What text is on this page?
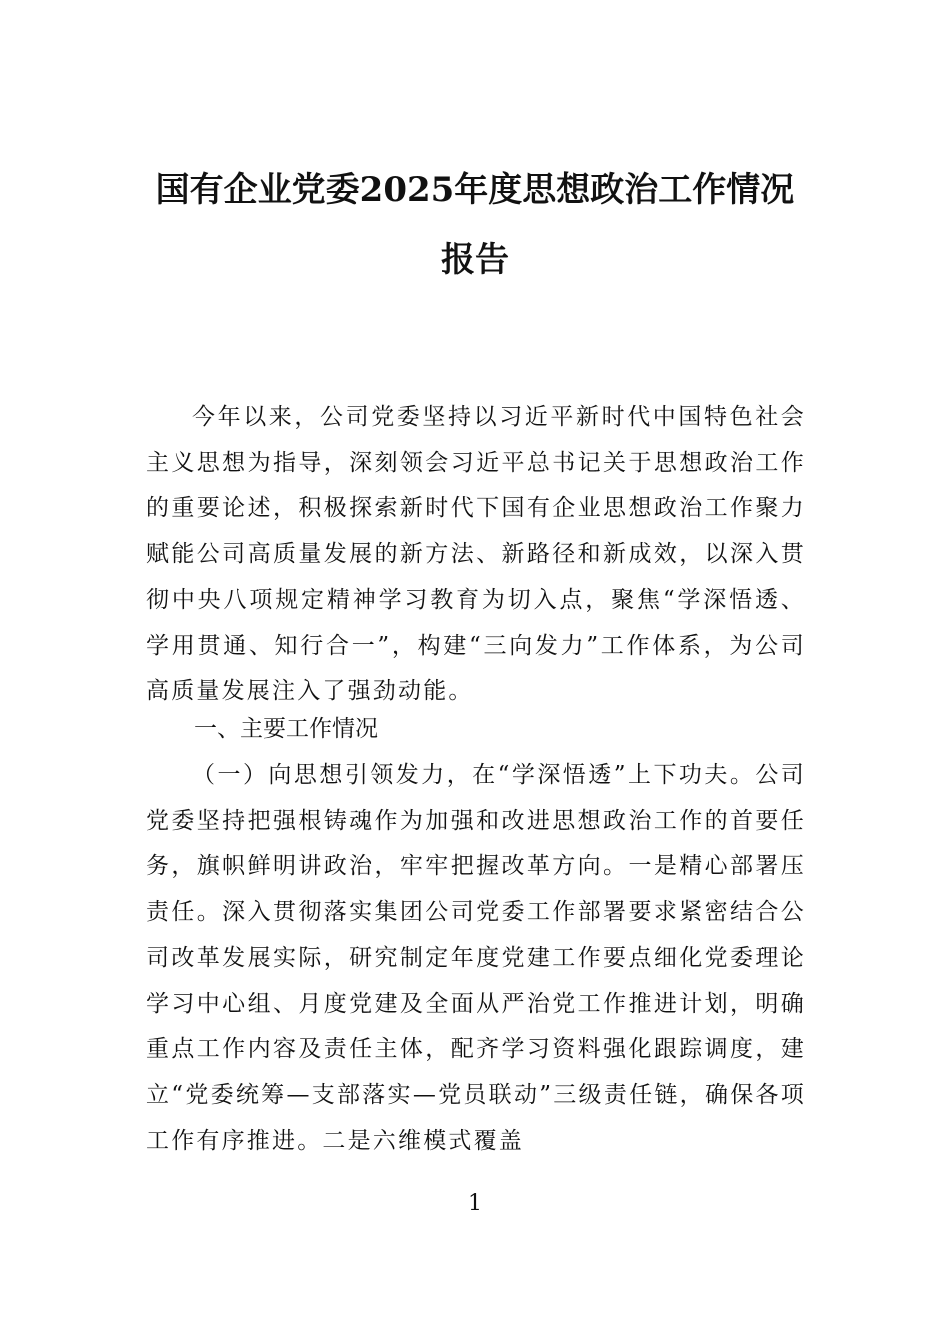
国有企业党委2025年度思想政治工作情况
报告

今年以来，公司党委坚持以习近平新时代中国特色社会主义思想为指导，深刻领会习近平总书记关于思想政治工作的重要论述，积极探索新时代下国有企业思想政治工作聚力赋能公司高质量发展的新方法、新路径和新成效，以深入贯彻中央八项规定精神学习教育为切入点，聚焦“学深悟透、学用贯通、知行合一”，构建“三向发力”工作体系，为公司高质量发展注入了强劲动能。

一、主要工作情况

（一）向思想引领发力，在“学深悟透”上下功夫。公司党委坚持把强根铸魂作为加强和改进思想政治工作的首要任务，旗帜鲜明讲政治，牢牢把握改革方向。一是精心部署压责任。深入贯彻落实集团公司党委工作部署要求紧密结合公司改革发展实际，研究制定年度党建工作要点细化党委理论学习中心组、月度党建及全面从严治党工作推进计划，明确重点工作内容及责任主体，配齐学习资料强化跟踪调度，建立“党委统筹—支部落实—党员联动”三级责任链，确保各项工作有序推进。二是六维模式覆盖

1
